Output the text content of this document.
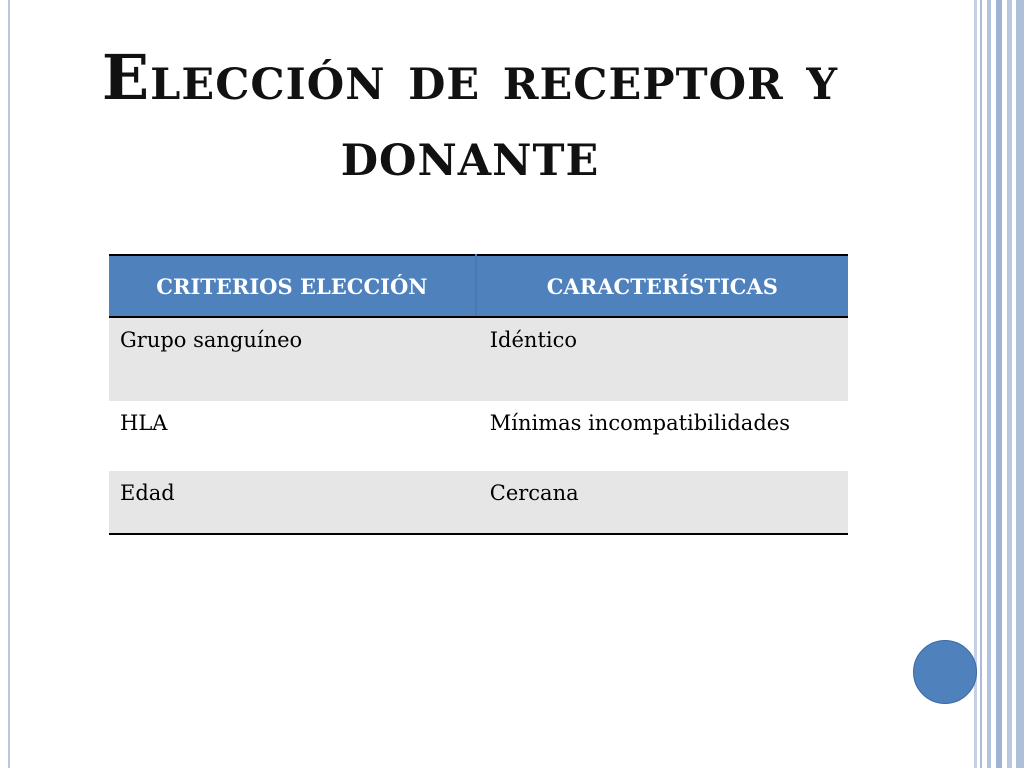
Elección de receptor y
donante
CRITERIOS ELECCIÓN	CARACTERÍSTICAS
Grupo sanguíneo	Idéntico
HLA	Mínimas incompatibilidades
Edad	Cercana
